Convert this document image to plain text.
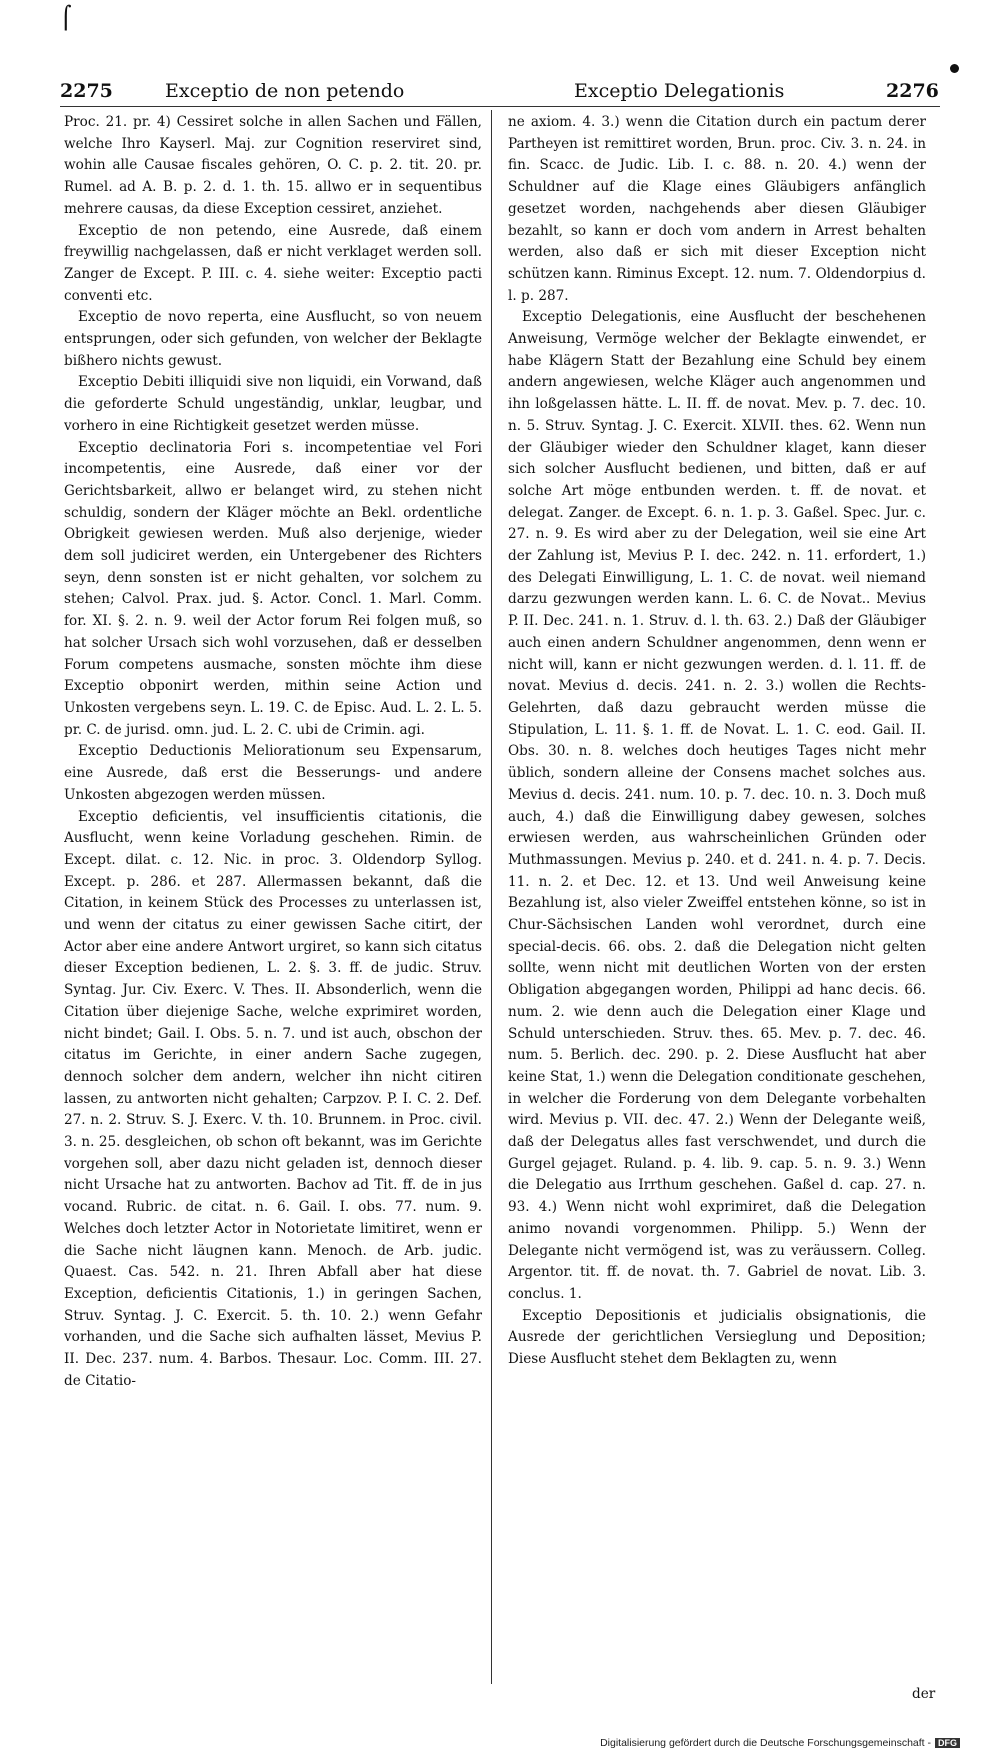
⌠
2275	Exceptio de non petendo	Exceptio Delegationis	2276

Proc. 21. pr. 4) Cessiret solche in allen Sachen und Fällen, welche Ihro Kayserl. Maj. zur Cognition reserviret sind, wohin alle Causae fiscales gehören, O. C. p. 2. tit. 20. pr. Rumel. ad A. B. p. 2. d. 1. th. 15. allwo er in sequentibus mehrere causas, da diese Exception cessiret, anziehet.

Exceptio de non petendo, eine Ausrede, daß einem freywillig nachgelassen, daß er nicht verklaget werden soll. Zanger de Except. P. III. c. 4. siehe weiter: Exceptio pacti conventi etc.

Exceptio de novo reperta, eine Ausflucht, so von neuem entsprungen, oder sich gefunden, von welcher der Beklagte bißhero nichts gewust.

Exceptio Debiti illiquidi sive non liquidi, ein Vorwand, daß die geforderte Schuld ungeständig, unklar, leugbar, und vorhero in eine Richtigkeit gesetzet werden müsse.

Exceptio declinatoria Fori s. incompetentiae vel Fori incompetentis, eine Ausrede, daß einer vor der Gerichtsbarkeit, allwo er belanget wird, zu stehen nicht schuldig, sondern der Kläger möchte an Bekl. ordentliche Obrigkeit gewiesen werden. Muß also derjenige, wieder dem soll judiciret werden, ein Untergebener des Richters seyn, denn sonsten ist er nicht gehalten, vor solchem zu stehen; Calvol. Prax. jud. §. Actor. Concl. 1. Marl. Comm. for. XI. §. 2. n. 9. weil der Actor forum Rei folgen muß, so hat solcher Ursach sich wohl vorzusehen, daß er desselben Forum competens ausmache, sonsten möchte ihm diese Exceptio obponirt werden, mithin seine Action und Unkosten vergebens seyn. L. 19. C. de Episc. Aud. L. 2. L. 5. pr. C. de jurisd. omn. jud. L. 2. C. ubi de Crimin. agi.

Exceptio Deductionis Meliorationum seu Expensarum, eine Ausrede, daß erst die Besserungs- und andere Unkosten abgezogen werden müssen.

Exceptio deficientis, vel insufficientis citationis, die Ausflucht, wenn keine Vorladung geschehen. Rimin. de Except. dilat. c. 12. Nic. in proc. 3. Oldendorp Syllog. Except. p. 286. et 287. Allermassen bekannt, daß die Citation, in keinem Stück des Processes zu unterlassen ist, und wenn der citatus zu einer gewissen Sache citirt, der Actor aber eine andere Antwort urgiret, so kann sich citatus dieser Exception bedienen, L. 2. §. 3. ff. de judic. Struv. Syntag. Jur. Civ. Exerc. V. Thes. II. Absonderlich, wenn die Citation über diejenige Sache, welche exprimiret worden, nicht bindet; Gail. I. Obs. 5. n. 7. und ist auch, obschon der citatus im Gerichte, in einer andern Sache zugegen, dennoch solcher dem andern, welcher ihn nicht citiren lassen, zu antworten nicht gehalten; Carpzov. P. I. C. 2. Def. 27. n. 2. Struv. S. J. Exerc. V. th. 10. Brunnem. in Proc. civil. 3. n. 25. desgleichen, ob schon oft bekannt, was im Gerichte vorgehen soll, aber dazu nicht geladen ist, dennoch dieser nicht Ursache hat zu antworten. Bachov ad Tit. ff. de in jus vocand. Rubric. de citat. n. 6. Gail. I. obs. 77. num. 9. Welches doch letzter Actor in Notorietate limitiret, wenn er die Sache nicht läugnen kann. Menoch. de Arb. judic. Quaest. Cas. 542. n. 21. Ihren Abfall aber hat diese Exception, deficientis Citationis, 1.) in geringen Sachen, Struv. Syntag. J. C. Exercit. 5. th. 10. 2.) wenn Gefahr vorhanden, und die Sache sich aufhalten lässet, Mevius P. II. Dec. 237. num. 4. Barbos. Thesaur. Loc. Comm. III. 27. de Citatio-

ne axiom. 4. 3.) wenn die Citation durch ein pactum derer Partheyen ist remittiret worden, Brun. proc. Civ. 3. n. 24. in fin. Scacc. de Judic. Lib. I. c. 88. n. 20. 4.) wenn der Schuldner auf die Klage eines Gläubigers anfänglich gesetzet worden, nachgehends aber diesen Gläubiger bezahlt, so kann er doch vom andern in Arrest behalten werden, also daß er sich mit dieser Exception nicht schützen kann. Riminus Except. 12. num. 7. Oldendorpius d. l. p. 287.

Exceptio Delegationis, eine Ausflucht der beschehenen Anweisung, Vermöge welcher der Beklagte einwendet, er habe Klägern Statt der Bezahlung eine Schuld bey einem andern angewiesen, welche Kläger auch angenommen und ihn loßgelassen hätte. L. II. ff. de novat. Mev. p. 7. dec. 10. n. 5. Struv. Syntag. J. C. Exercit. XLVII. thes. 62. Wenn nun der Gläubiger wieder den Schuldner klaget, kann dieser sich solcher Ausflucht bedienen, und bitten, daß er auf solche Art möge entbunden werden. t. ff. de novat. et delegat. Zanger. de Except. 6. n. 1. p. 3. Gaßel. Spec. Jur. c. 27. n. 9. Es wird aber zu der Delegation, weil sie eine Art der Zahlung ist, Mevius P. I. dec. 242. n. 11. erfordert, 1.) des Delegati Einwilligung, L. 1. C. de novat. weil niemand darzu gezwungen werden kann. L. 6. C. de Novat.. Mevius P. II. Dec. 241. n. 1. Struv. d. l. th. 63. 2.) Daß der Gläubiger auch einen andern Schuldner angenommen, denn wenn er nicht will, kann er nicht gezwungen werden. d. l. 11. ff. de novat. Mevius d. decis. 241. n. 2. 3.) wollen die Rechts-Gelehrten, daß dazu gebraucht werden müsse die Stipulation, L. 11. §. 1. ff. de Novat. L. 1. C. eod. Gail. II. Obs. 30. n. 8. welches doch heutiges Tages nicht mehr üblich, sondern alleine der Consens machet solches aus. Mevius d. decis. 241. num. 10. p. 7. dec. 10. n. 3. Doch muß auch, 4.) daß die Einwilligung dabey gewesen, solches erwiesen werden, aus wahrscheinlichen Gründen oder Muthmassungen. Mevius p. 240. et d. 241. n. 4. p. 7. Decis. 11. n. 2. et Dec. 12. et 13. Und weil Anweisung keine Bezahlung ist, also vieler Zweiffel entstehen könne, so ist in Chur-Sächsischen Landen wohl verordnet, durch eine special-decis. 66. obs. 2. daß die Delegation nicht gelten sollte, wenn nicht mit deutlichen Worten von der ersten Obligation abgegangen worden, Philippi ad hanc decis. 66. num. 2. wie denn auch die Delegation einer Klage und Schuld unterschieden. Struv. thes. 65. Mev. p. 7. dec. 46. num. 5. Berlich. dec. 290. p. 2. Diese Ausflucht hat aber keine Stat, 1.) wenn die Delegation conditionate geschehen, in welcher die Forderung von dem Delegante vorbehalten wird. Mevius p. VII. dec. 47. 2.) Wenn der Delegante weiß, daß der Delegatus alles fast verschwendet, und durch die Gurgel gejaget. Ruland. p. 4. lib. 9. cap. 5. n. 9. 3.) Wenn die Delegatio aus Irrthum geschehen. Gaßel d. cap. 27. n. 93. 4.) Wenn nicht wohl exprimiret, daß die Delegation animo novandi vorgenommen. Philipp. 5.) Wenn der Delegante nicht vermögend ist, was zu veräussern. Colleg. Argentor. tit. ff. de novat. th. 7. Gabriel de novat. Lib. 3. conclus. 1.

Exceptio Depositionis et judicialis obsignationis, die Ausrede der gerichtlichen Versieglung und Deposition; Diese Ausflucht stehet dem Beklagten zu, wenn

der
Digitalisierung gefördert durch die Deutsche Forschungsgemeinschaft - DFG
